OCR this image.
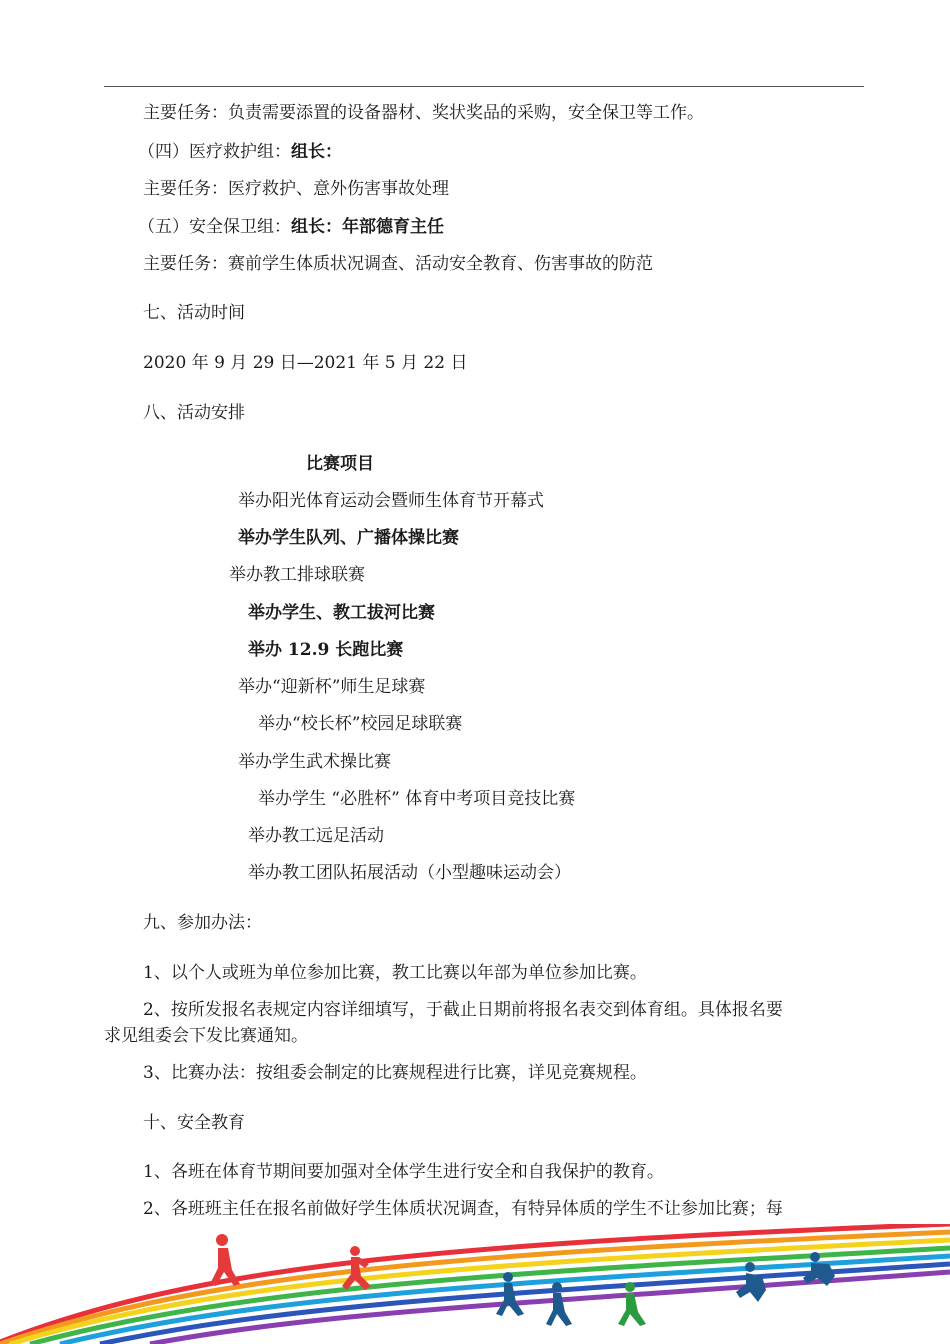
主要任务：负责需要添置的设备器材、奖状奖品的采购，安全保卫等工作。
（四）医疗救护组：组长：
主要任务：医疗救护、意外伤害事故处理
（五）安全保卫组：组长：年部德育主任
主要任务：赛前学生体质状况调查、活动安全教育、伤害事故的防范
七、活动时间
2020 年 9 月 29 日—2021 年 5 月 22 日
八、活动安排
比赛项目
举办阳光体育运动会暨师生体育节开幕式
举办学生队列、广播体操比赛
举办教工排球联赛
举办学生、教工拔河比赛
举办 12.9 长跑比赛
举办“迎新杯”师生足球赛
举办“校长杯”校园足球联赛
举办学生武术操比赛
举办学生 “必胜杯” 体育中考项目竞技比赛
举办教工远足活动
举办教工团队拓展活动（小型趣味运动会）
九、参加办法：
1、以个人或班为单位参加比赛，教工比赛以年部为单位参加比赛。
2、按所发报名表规定内容详细填写，于截止日期前将报名表交到体育组。具体报名要
求见组委会下发比赛通知。
3、比赛办法：按组委会制定的比赛规程进行比赛，详见竞赛规程。
十、安全教育
1、各班在体育节期间要加强对全体学生进行安全和自我保护的教育。
2、各班班主任在报名前做好学生体质状况调查，有特异体质的学生不让参加比赛；每
